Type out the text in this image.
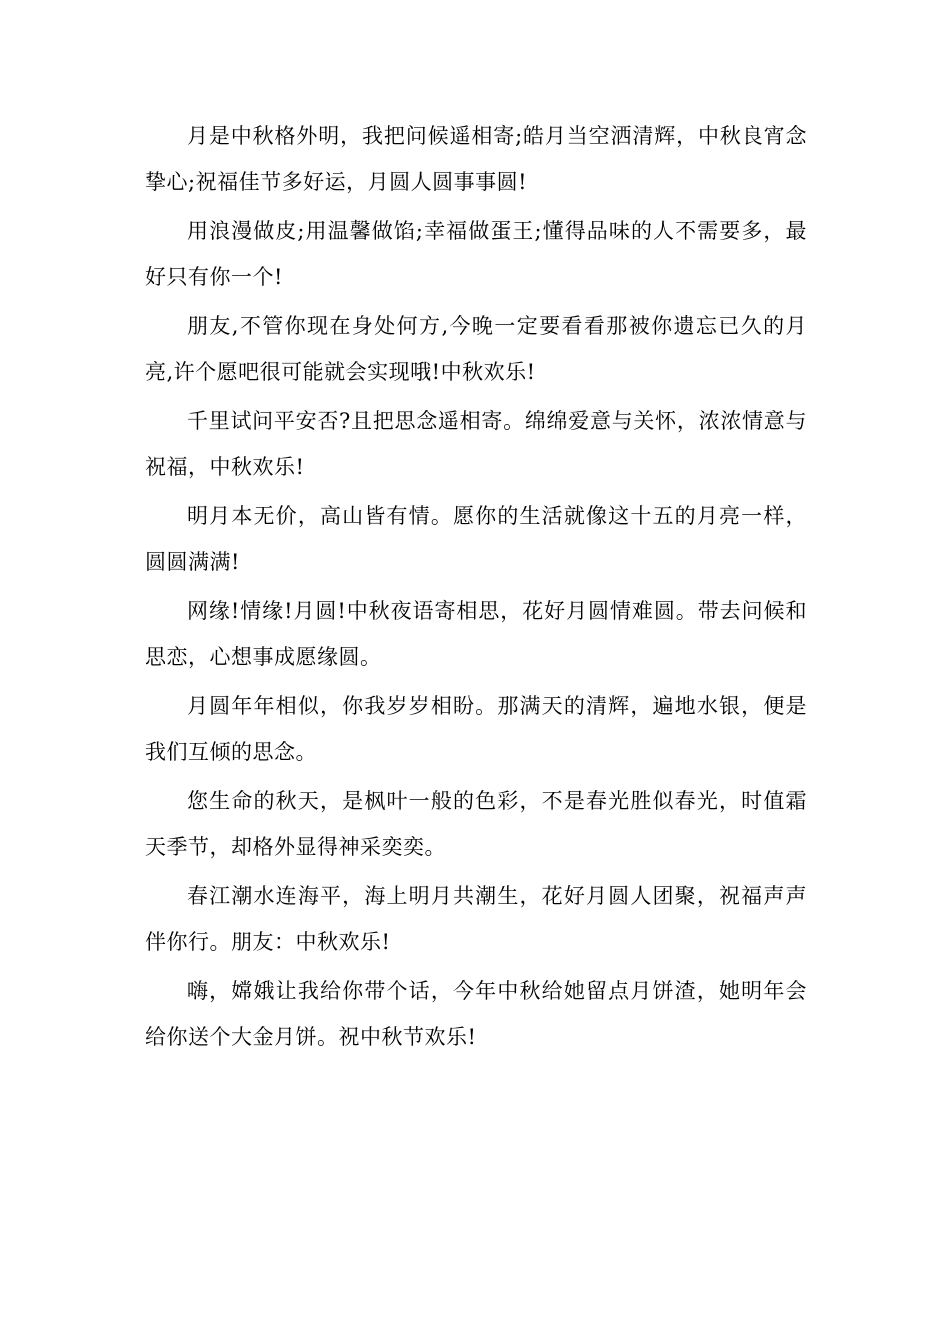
月是中秋格外明，我把问候遥相寄;皓月当空洒清辉，中秋良宵念挚心;祝福佳节多好运，月圆人圆事事圆!

用浪漫做皮;用温馨做馅;幸福做蛋王;懂得品味的人不需要多，最好只有你一个!

朋友,不管你现在身处何方,今晚一定要看看那被你遗忘已久的月亮,许个愿吧很可能就会实现哦!中秋欢乐!

千里试问平安否?且把思念遥相寄。绵绵爱意与关怀，浓浓情意与祝福，中秋欢乐!

明月本无价，高山皆有情。愿你的生活就像这十五的月亮一样，圆圆满满!

网缘!情缘!月圆!中秋夜语寄相思，花好月圆情难圆。带去问候和思恋，心想事成愿缘圆。

月圆年年相似，你我岁岁相盼。那满天的清辉，遍地水银，便是我们互倾的思念。

您生命的秋天，是枫叶一般的色彩，不是春光胜似春光，时值霜天季节，却格外显得神采奕奕。

春江潮水连海平，海上明月共潮生，花好月圆人团聚，祝福声声伴你行。朋友：中秋欢乐!

嗨，嫦娥让我给你带个话，今年中秋给她留点月饼渣，她明年会给你送个大金月饼。祝中秋节欢乐!
